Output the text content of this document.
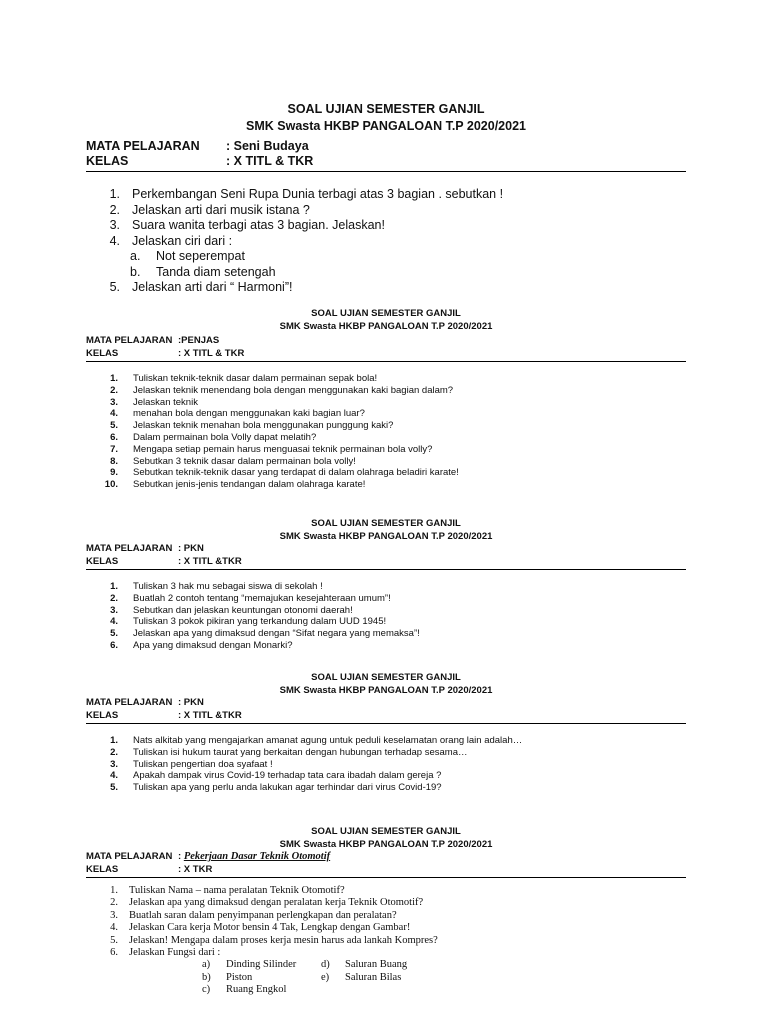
SOAL UJIAN SEMESTER GANJIL
SMK Swasta HKBP PANGALOAN T.P 2020/2021
MATA PELAJARAN	: Seni Budaya
KELAS	: X TITL & TKR
1. Perkembangan Seni Rupa Dunia terbagi atas 3 bagian . sebutkan !
2. Jelaskan arti dari musik istana ?
3. Suara wanita terbagi atas 3 bagian. Jelaskan!
4. Jelaskan ciri dari :
a. Not seperempat
b. Tanda diam setengah
5. Jelaskan arti dari “ Harmoni”!
SOAL UJIAN SEMESTER GANJIL
SMK Swasta HKBP PANGALOAN T.P 2020/2021
MATA PELAJARAN :PENJAS
KELAS	: X TITL & TKR
1. Tuliskan teknik-teknik dasar dalam permainan sepak bola!
2. Jelaskan teknik menendang bola dengan menggunakan kaki bagian dalam?
3. Jelaskan teknik
4. menahan bola dengan menggunakan kaki bagian luar?
5. Jelaskan teknik menahan bola menggunakan punggung kaki?
6. Dalam permainan bola Volly dapat melatih?
7. Mengapa setiap pemain harus menguasai teknik permainan bola volly?
8. Sebutkan 3 teknik dasar dalam permainan bola volly!
9. Sebutkan teknik-teknik dasar yang terdapat di dalam olahraga beladiri karate!
10. Sebutkan jenis-jenis tendangan dalam olahraga karate!
SOAL UJIAN SEMESTER GANJIL
SMK Swasta HKBP PANGALOAN T.P 2020/2021
MATA PELAJARAN : PKN
KELAS	: X TITL &TKR
1. Tuliskan 3 hak mu sebagai siswa di sekolah !
2. Buatlah 2 contoh tentang “memajukan kesejahteraan umum”!
3. Sebutkan dan jelaskan keuntungan otonomi daerah!
4. Tuliskan 3 pokok pikiran yang terkandung dalam UUD 1945!
5. Jelaskan apa yang dimaksud dengan “Sifat negara yang memaksa”!
6. Apa yang dimaksud dengan Monarki?
SOAL UJIAN SEMESTER GANJIL
SMK Swasta HKBP PANGALOAN T.P 2020/2021
MATA PELAJARAN : PKN
KELAS	: X TITL &TKR
1. Nats alkitab yang mengajarkan amanat agung untuk peduli keselamatan orang lain adalah…
2. Tuliskan isi hukum taurat yang berkaitan dengan hubungan terhadap sesama…
3. Tuliskan pengertian doa syafaat !
4. Apakah dampak virus Covid-19 terhadap tata cara ibadah dalam gereja ?
5. Tuliskan apa yang perlu anda lakukan agar terhindar dari virus Covid-19?
SOAL UJIAN SEMESTER GANJIL
SMK Swasta HKBP PANGALOAN T.P 2020/2021
MATA PELAJARAN : Pekerjaan Dasar Teknik Otomotif
KELAS	: X TKR
1. Tuliskan Nama – nama peralatan Teknik Otomotif?
2. Jelaskan apa yang dimaksud dengan peralatan kerja Teknik Otomotif?
3. Buatlah saran dalam penyimpanan perlengkapan dan peralatan?
4. Jelaskan Cara kerja Motor bensin 4 Tak, Lengkap dengan Gambar!
5. Jelaskan! Mengapa dalam proses kerja mesin harus ada lankah Kompres?
6. Jelaskan Fungsi dari :
a)	Dinding Silinder	d)	Saluran Buang
b)	Piston	e)	Saluran Bilas
c)	Ruang Engkol
